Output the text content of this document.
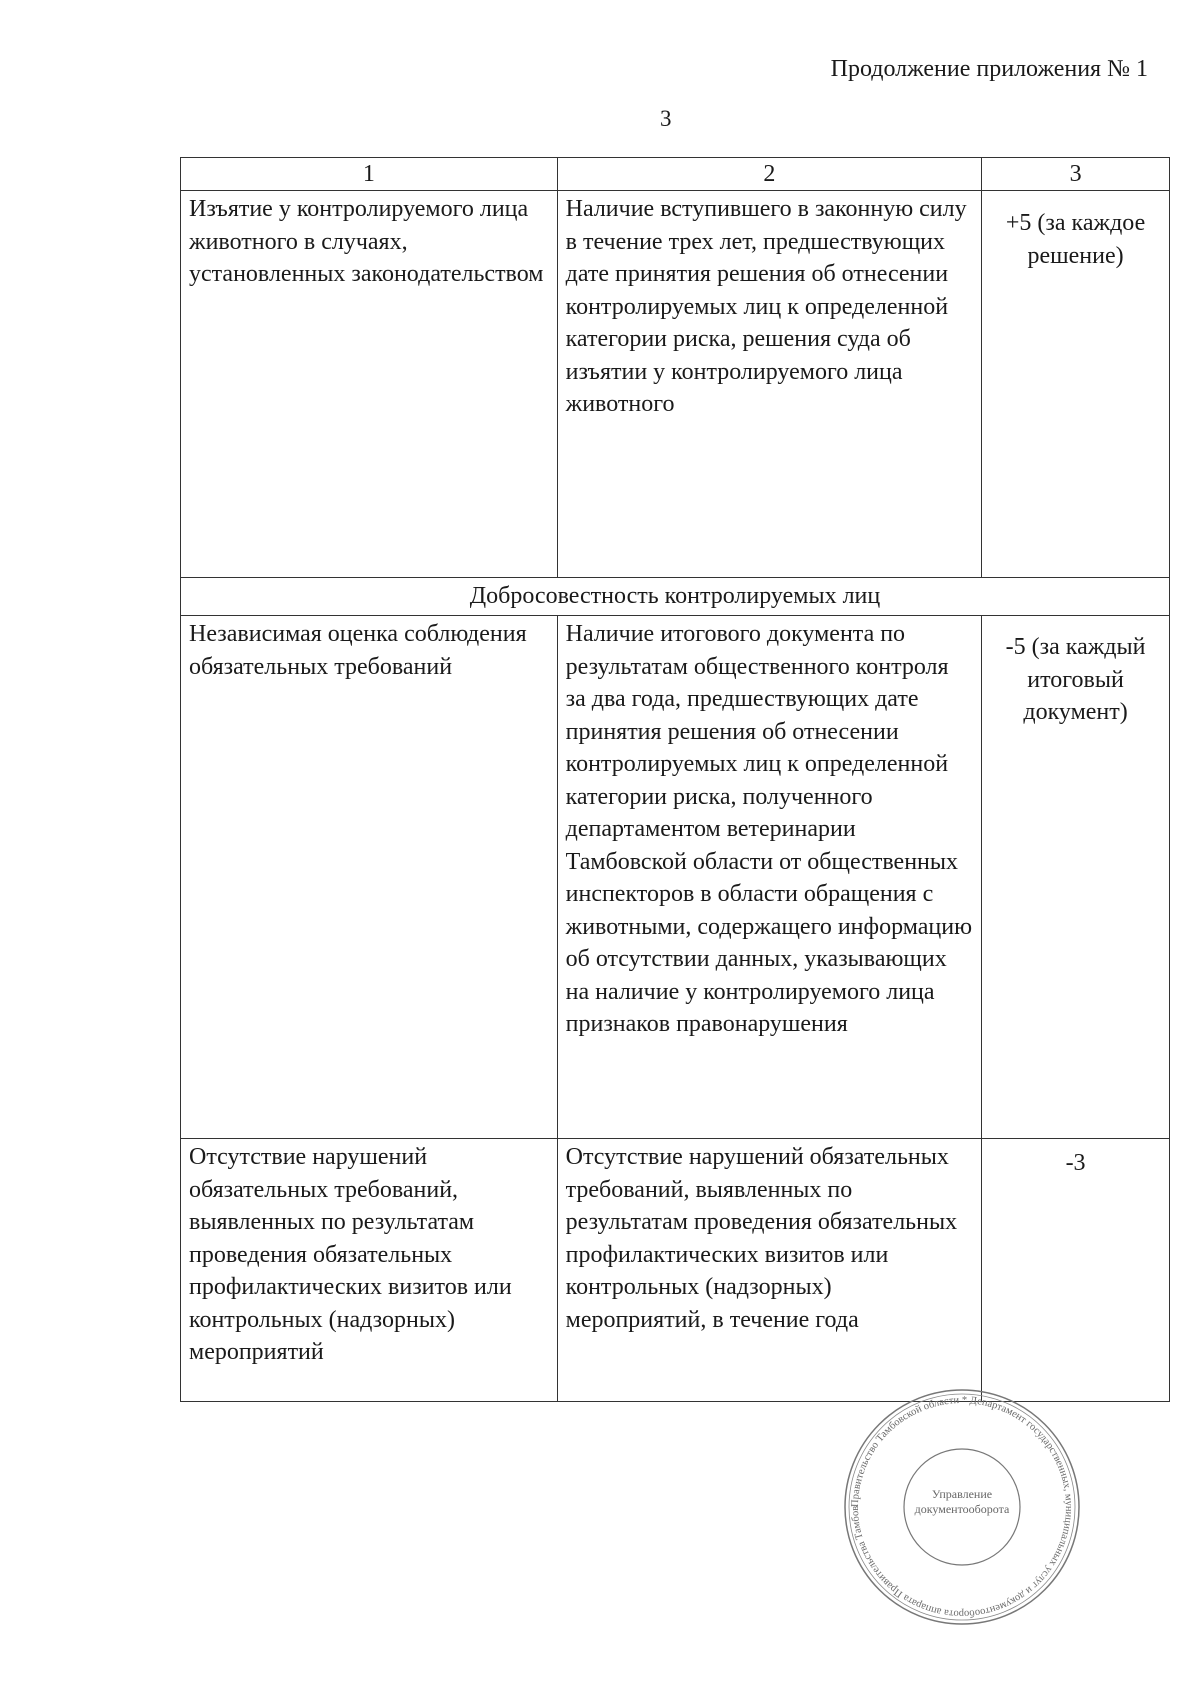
Продолжение приложения № 1
3
1	2	3
Изъятие у контролируемого лица животного в случаях, установленных законодательством	Наличие вступившего в законную силу в течение трех лет, предшествующих дате принятия решения об отнесении контролируемых лиц к определенной категории риска, решения суда об изъятии у контролируемого лица животного	+5 (за каждое решение)
Добросовестность контролируемых лиц		
Независимая оценка соблюдения обязательных требований	Наличие итогового документа по результатам общественного контроля за два года, предшествующих дате принятия решения об отнесении контролируемых лиц к определенной категории риска, полученного департаментом ветеринарии Тамбовской области от общественных инспекторов в области обращения с животными, содержащего информацию об отсутствии данных, указывающих на наличие у контролируемого лица признаков правонарушения	-5 (за каждый итоговый документ)
Отсутствие нарушений обязательных требований, выявленных по результатам проведения обязательных профилактических визитов или контрольных (надзорных) мероприятий	Отсутствие нарушений обязательных требований, выявленных по результатам проведения обязательных профилактических визитов или контрольных (надзорных) мероприятий, в течение года	-3
Правительство Тамбовской области * Департамент государственных, муниципальных услуг и документооборота аппарата Правительства Тамбов
Управление документооборота
